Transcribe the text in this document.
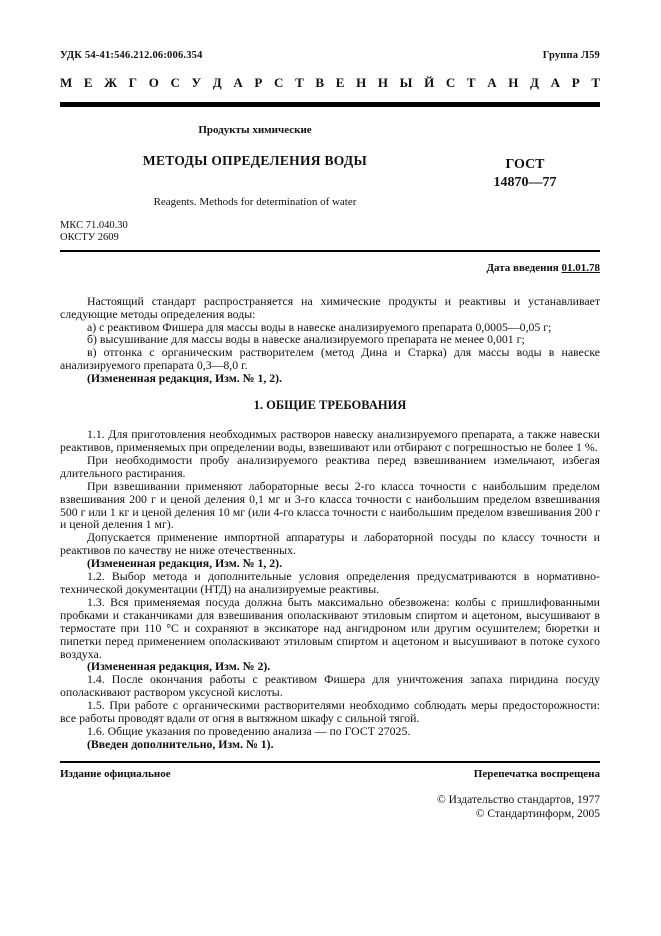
УДК 54-41:546.212.06:006.354	Группа Л59
М Е Ж Г О С У Д А Р С Т В Е Н Н Ы Й С Т А Н Д А Р Т
Продукты химические
МЕТОДЫ ОПРЕДЕЛЕНИЯ ВОДЫ
Reagents. Methods for determination of water
ГОСТ
14870—77
МКС 71.040.30
ОКСТУ 2609
Дата введения 01.01.78

Настоящий стандарт распространяется на химические продукты и реактивы и устанавливает следующие методы определения воды:

а) с реактивом Фишера для массы воды в навеске анализируемого препарата 0,0005—0,05 г;

б) высушивание для массы воды в навеске анализируемого препарата не менее 0,001 г;

в) отгонка с органическим растворителем (метод Дина и Старка) для массы воды в навеске анализируемого препарата 0,3—8,0 г.

(Измененная редакция, Изм. № 1, 2).

1. ОБЩИЕ ТРЕБОВАНИЯ

1.1. Для приготовления необходимых растворов навеску анализируемого препарата, а также навески реактивов, применяемых при определении воды, взвешивают или отбирают с погрешностью не более 1 %.

При необходимости пробу анализируемого реактива перед взвешиванием измельчают, избегая длительного растирания.

При взвешивании применяют лабораторные весы 2-го класса точности с наибольшим пределом взвешивания 200 г и ценой деления 0,1 мг и 3-го класса точности с наибольшим пределом взвешивания 500 г или 1 кг и ценой деления 10 мг (или 4-го класса точности с наибольшим пределом взвешивания 200 г и ценой деления 1 мг).

Допускается применение импортной аппаратуры и лабораторной посуды по классу точности и реактивов по качеству не ниже отечественных.

(Измененная редакция, Изм. № 1, 2).

1.2. Выбор метода и дополнительные условия определения предусматриваются в нормативно-технической документации (НТД) на анализируемые реактивы.

1.3. Вся применяемая посуда должна быть максимально обезвожена: колбы с пришлифованными пробками и стаканчиками для взвешивания ополаскивают этиловым спиртом и ацетоном, высушивают в термостате при 110 °С и сохраняют в эксикаторе над ангидроном или другим осушителем; бюретки и пипетки перед применением ополаскивают этиловым спиртом и ацетоном и высушивают в потоке сухого воздуха.

(Измененная редакция, Изм. № 2).

1.4. После окончания работы с реактивом Фишера для уничтожения запаха пиридина посуду ополаскивают раствором уксусной кислоты.

1.5. При работе с органическими растворителями необходимо соблюдать меры предосторожности: все работы проводят вдали от огня в вытяжном шкафу с сильной тягой.

1.6. Общие указания по проведению анализа — по ГОСТ 27025.

(Введен дополнительно, Изм. № 1).

Издание официальное	Перепечатка воспрещена
© Издательство стандартов, 1977
© Стандартинформ, 2005
